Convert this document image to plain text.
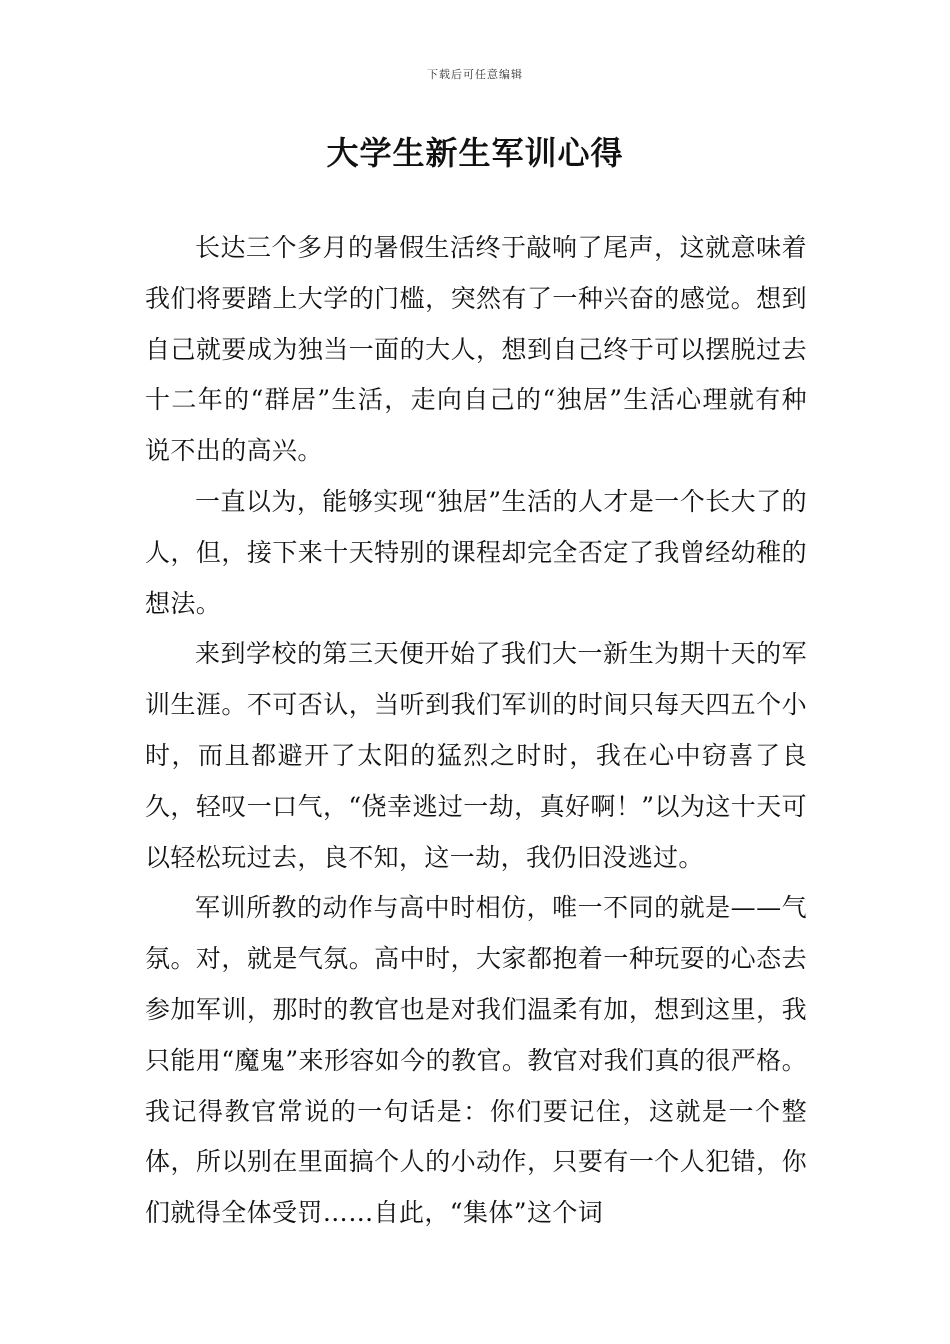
下载后可任意编辑
大学生新生军训心得

长达三个多月的暑假生活终于敲响了尾声，这就意味着我们将要踏上大学的门槛，突然有了一种兴奋的感觉。想到自己就要成为独当一面的大人，想到自己终于可以摆脱过去十二年的“群居”生活，走向自己的“独居”生活心理就有种说不出的高兴。

一直以为，能够实现“独居”生活的人才是一个长大了的人，但，接下来十天特别的课程却完全否定了我曾经幼稚的想法。

来到学校的第三天便开始了我们大一新生为期十天的军训生涯。不可否认，当听到我们军训的时间只每天四五个小时，而且都避开了太阳的猛烈之时时，我在心中窃喜了良久，轻叹一口气，“侥幸逃过一劫，真好啊！”以为这十天可以轻松玩过去，良不知，这一劫，我仍旧没逃过。

军训所教的动作与高中时相仿，唯一不同的就是——气氛。对，就是气氛。高中时，大家都抱着一种玩耍的心态去参加军训，那时的教官也是对我们温柔有加，想到这里，我只能用“魔鬼”来形容如今的教官。教官对我们真的很严格。我记得教官常说的一句话是：你们要记住，这就是一个整体，所以别在里面搞个人的小动作，只要有一个人犯错，你们就得全体受罚……自此，“集体”这个词
